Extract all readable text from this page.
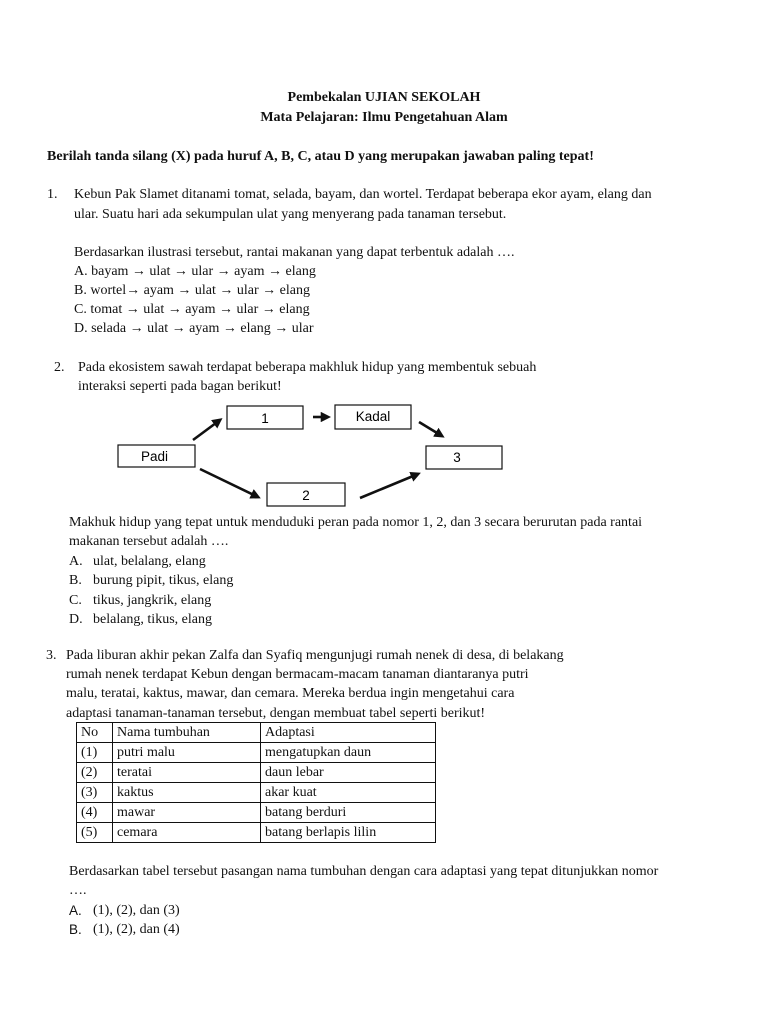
Pembekalan UJIAN SEKOLAH
Mata Pelajaran: Ilmu Pengetahuan Alam
Berilah tanda silang (X) pada huruf A, B, C, atau D yang merupakan jawaban paling tepat!
1.	Kebun Pak Slamet ditanami tomat, selada, bayam, dan wortel. Terdapat beberapa ekor ayam, elang dan
ular. Suatu hari ada sekumpulan ulat yang menyerang pada tanaman tersebut.
Berdasarkan ilustrasi tersebut, rantai makanan yang dapat terbentuk adalah ….
A. bayam → ulat → ular → ayam → elang
B. wortel→ ayam → ulat → ular → elang
C. tomat → ulat → ayam → ular → elang
D. selada → ulat → ayam → elang → ular
2. Pada ekosistem sawah terdapat beberapa makhluk hidup yang membentuk sebuah
interaksi seperti pada bagan berikut!
Padi
1	Kadal
3
2
Makhuk hidup yang tepat untuk menduduki peran pada nomor 1, 2, dan 3 secara berurutan pada rantai
makanan tersebut adalah ….
A. ulat, belalang, elang
B. burung pipit, tikus, elang
C. tikus, jangkrik, elang
D. belalang, tikus, elang
3. Pada liburan akhir pekan Zalfa dan Syafiq mengunjugi rumah nenek di desa, di belakang
rumah nenek terdapat Kebun dengan bermacam-macam tanaman diantaranya putri
malu, teratai, kaktus, mawar, dan cemara. Mereka berdua ingin mengetahui cara
adaptasi tanaman-tanaman tersebut, dengan membuat tabel seperti berikut!
No	Nama tumbuhan	Adaptasi
(1)	putri malu	mengatupkan daun
(2)	teratai	daun lebar
(3)	kaktus	akar kuat
(4)	mawar	batang berduri
(5)	cemara	batang berlapis lilin
Berdasarkan tabel tersebut pasangan nama tumbuhan dengan cara adaptasi yang tepat ditunjukkan nomor
….
A. (1), (2), dan (3)
B. (1), (2), dan (4)
